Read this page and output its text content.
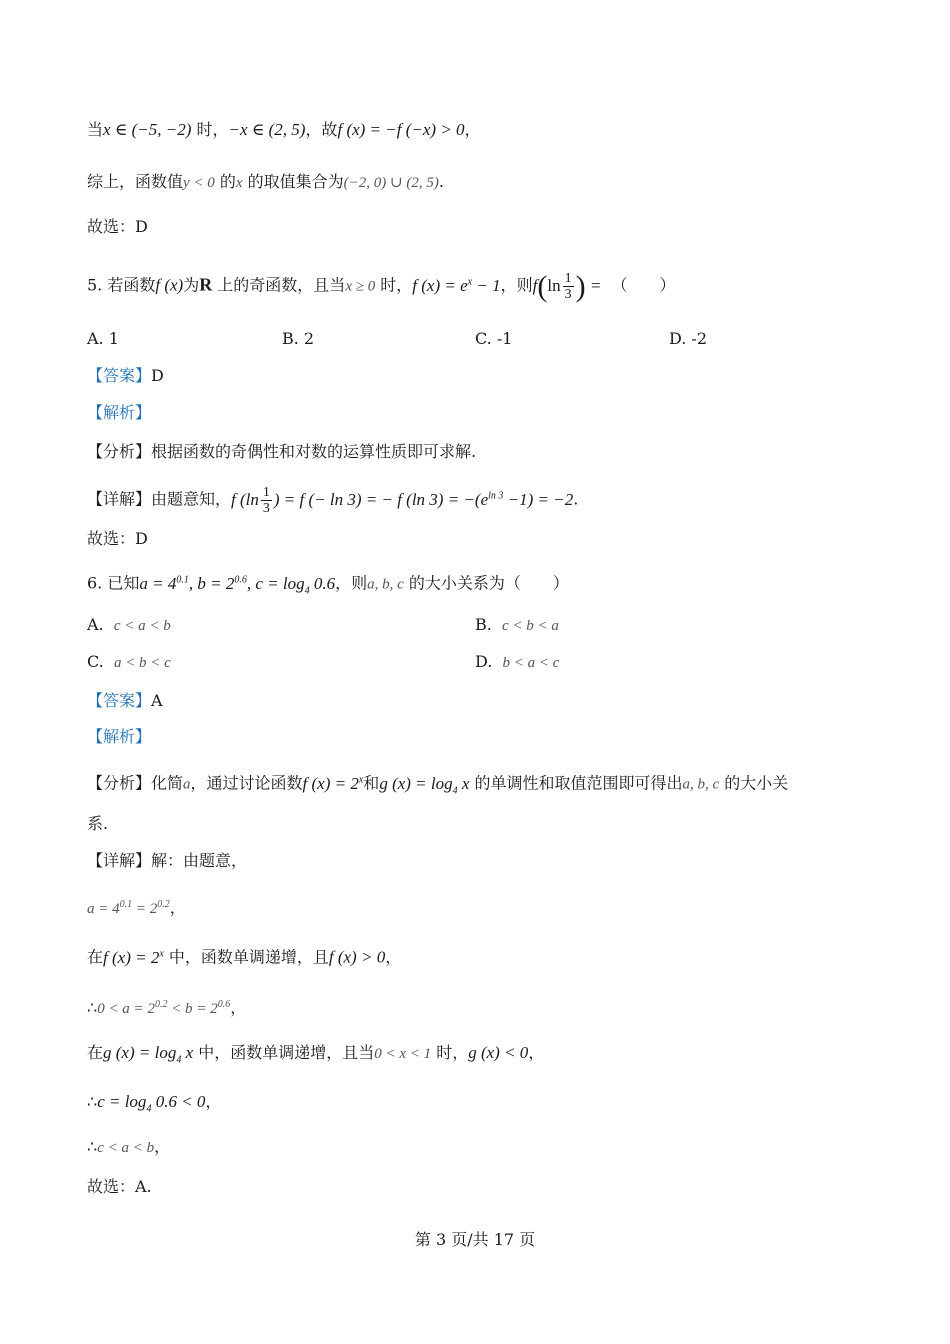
当x ∈ (−5, −2) 时，−x ∈ (2, 5)，故f (x) = −f (−x) > 0，
综上，函数值y < 0 的x 的取值集合为(−2, 0) ∪ (2, 5).
故选：D
5. 若函数f (x)为R 上的奇函数，且当x ≥ 0 时，f $(x) = e^x - 1$，则$f(\ln \frac{1}{3}$ ) = （　　）
A. 1	B. 2	C. -1	D. -2
【答案】D
【解析】
【分析】根据函数的奇偶性和对数的运算性质即可求解.
【详解】由题意知，f ($\ln \frac{1}{3}$ ) = f (− ln 3) = − f (ln $3) = -(e^{ln 3} -1) = -2$.
故选：D
6. 已知$a = 4^{0.1}$, $b = 2^{0.6}$, $c = \log_4 0.6$，则a, b, c 的大小关系为（　　）
A. c < a < b	B. c < b < a
C. a < b < c	D. b < a < c
【答案】A
【解析】
【分析】化简a，通过讨论函数f $(x) = 2^x$和g $(x) = \log_4 x$ 的单调性和取值范围即可得出a, b, c 的大小关
系.
【详解】解：由题意，
$a = 4^{0.1} = 2^{0.2}$，
在f $(x) = 2^x$ 中，函数单调递增，且f (x) > 0，
∴0 < $a = 2^{0.2} < b = 2^{0.6}$，
在g $(x) = \log_4 x$ 中，函数单调递增，且当0 < x < 1 时，g (x) < 0，
∴c = $\log_4 0.6 < 0$，
∴c < a < b，
故选：A.
第 3 页/共 17 页
